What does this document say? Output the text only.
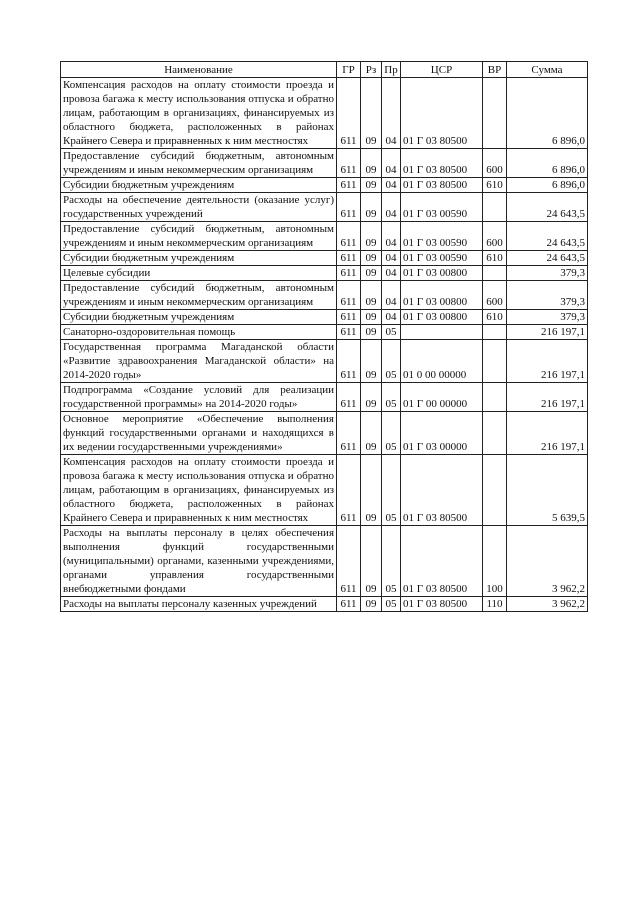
Наименование	ГР	Рз	Пр	ЦСР	ВР	Сумма
Компенсация расходов на оплату стоимости проезда и провоза багажа к месту использования отпуска и обратно лицам, работающим в организациях, финансируемых из областного бюджета, расположенных в районах Крайнего Севера и приравненных к ним местностях	611	09	04	01 Г 03 80500		6 896,0
Предоставление субсидий бюджетным, автономным учреждениям и иным некоммерческим организациям	611	09	04	01 Г 03 80500	600	6 896,0
Субсидии бюджетным учреждениям	611	09	04	01 Г 03 80500	610	6 896,0
Расходы на обеспечение деятельности (оказание услуг) государственных учреждений	611	09	04	01 Г 03 00590		24 643,5
Предоставление субсидий бюджетным, автономным учреждениям и иным некоммерческим организациям	611	09	04	01 Г 03 00590	600	24 643,5
Субсидии бюджетным учреждениям	611	09	04	01 Г 03 00590	610	24 643,5
Целевые субсидии	611	09	04	01 Г 03 00800		379,3
Предоставление субсидий бюджетным, автономным учреждениям и иным некоммерческим организациям	611	09	04	01 Г 03 00800	600	379,3
Субсидии бюджетным учреждениям	611	09	04	01 Г 03 00800	610	379,3
Санаторно-оздоровительная помощь	611	09	05			216 197,1
Государственная программа Магаданской области «Развитие здравоохранения Магаданской области» на 2014-2020 годы»	611	09	05	01 0 00 00000		216 197,1
Подпрограмма «Создание условий для реализации государственной программы» на 2014-2020 годы»	611	09	05	01 Г 00 00000		216 197,1
Основное мероприятие «Обеспечение выполнения функций государственными органами и находящихся в их ведении государственными учреждениями»	611	09	05	01 Г 03 00000		216 197,1
Компенсация расходов на оплату стоимости проезда и провоза багажа к месту использования отпуска и обратно лицам, работающим в организациях, финансируемых из областного бюджета, расположенных в районах Крайнего Севера и приравненных к ним местностях	611	09	05	01 Г 03 80500		5 639,5
Расходы на выплаты персоналу в целях обеспечения выполнения функций государственными (муниципальными) органами, казенными учреждениями, органами управления государственными внебюджетными фондами	611	09	05	01 Г 03 80500	100	3 962,2
Расходы на выплаты персоналу казенных учреждений	611	09	05	01 Г 03 80500	110	3 962,2
